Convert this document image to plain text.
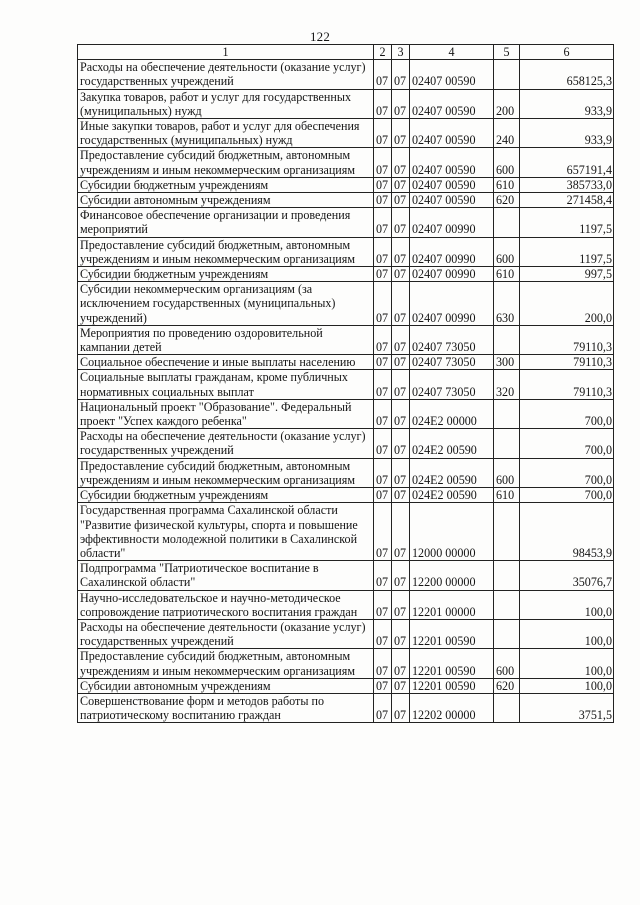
122
1	2	3	4	5	6
Расходы на обеспечение деятельности (оказание услуг) государственных учреждений	07	07	02407 00590		658125,3
Закупка товаров, работ и услуг для государственных (муниципальных) нужд	07	07	02407 00590	200	933,9
Иные закупки товаров, работ и услуг для обеспечения государственных (муниципальных) нужд	07	07	02407 00590	240	933,9
Предоставление субсидий бюджетным, автономным учреждениям и иным некоммерческим организациям	07	07	02407 00590	600	657191,4
Субсидии бюджетным учреждениям	07	07	02407 00590	610	385733,0
Субсидии автономным учреждениям	07	07	02407 00590	620	271458,4
Финансовое обеспечение организации и проведения мероприятий	07	07	02407 00990		1197,5
Предоставление субсидий бюджетным, автономным учреждениям и иным некоммерческим организациям	07	07	02407 00990	600	1197,5
Субсидии бюджетным учреждениям	07	07	02407 00990	610	997,5
Субсидии некоммерческим организациям (за исключением государственных (муниципальных) учреждений)	07	07	02407 00990	630	200,0
Мероприятия по проведению оздоровительной кампании детей	07	07	02407 73050		79110,3
Социальное обеспечение и иные выплаты населению	07	07	02407 73050	300	79110,3
Социальные выплаты гражданам, кроме публичных нормативных социальных выплат	07	07	02407 73050	320	79110,3
Национальный проект "Образование". Федеральный проект "Успех каждого ребенка"	07	07	024E2 00000		700,0
Расходы на обеспечение деятельности (оказание услуг) государственных учреждений	07	07	024E2 00590		700,0
Предоставление субсидий бюджетным, автономным учреждениям и иным некоммерческим организациям	07	07	024E2 00590	600	700,0
Субсидии бюджетным учреждениям	07	07	024E2 00590	610	700,0
Государственная программа Сахалинской области "Развитие физической культуры, спорта и повышение эффективности молодежной политики в Сахалинской области"	07	07	12000 00000		98453,9
Подпрограмма "Патриотическое воспитание в Сахалинской области"	07	07	12200 00000		35076,7
Научно-исследовательское и научно-методическое сопровождение патриотического воспитания граждан	07	07	12201 00000		100,0
Расходы на обеспечение деятельности (оказание услуг) государственных учреждений	07	07	12201 00590		100,0
Предоставление субсидий бюджетным, автономным учреждениям и иным некоммерческим организациям	07	07	12201 00590	600	100,0
Субсидии автономным учреждениям	07	07	12201 00590	620	100,0
Совершенствование форм и методов работы по патриотическому воспитанию граждан	07	07	12202 00000		3751,5
